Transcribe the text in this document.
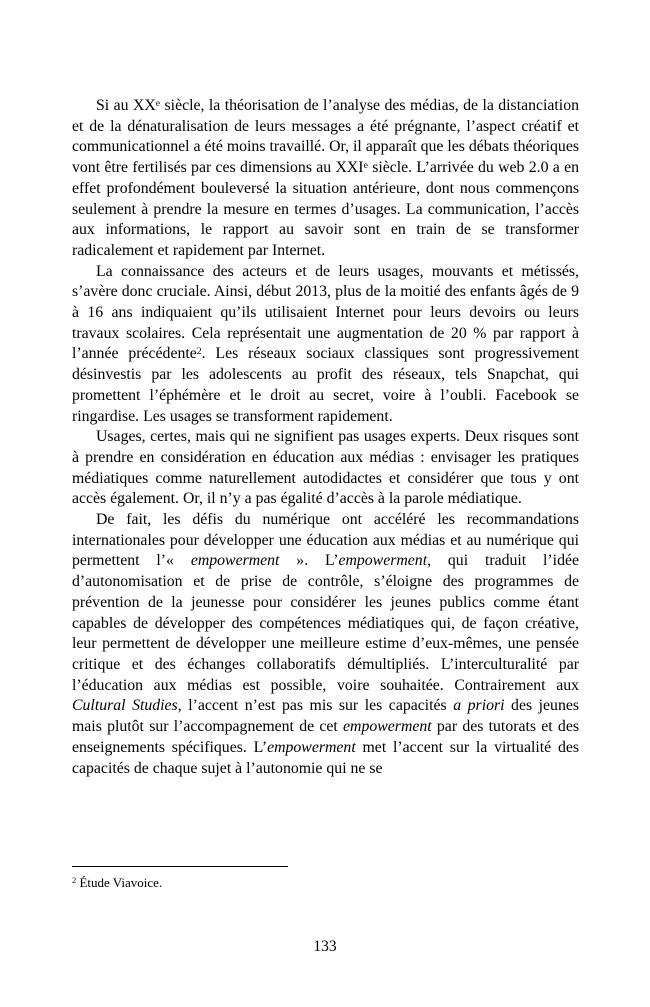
Si au XXe siècle, la théorisation de l’analyse des médias, de la distanciation et de la dénaturalisation de leurs messages a été prégnante, l’aspect créatif et communicationnel a été moins travaillé. Or, il apparaît que les débats théoriques vont être fertilisés par ces dimensions au XXIe siècle. L’arrivée du web 2.0 a en effet profondément bouleversé la situation antérieure, dont nous commençons seulement à prendre la mesure en termes d’usages. La communication, l’accès aux informations, le rapport au savoir sont en train de se transformer radicalement et rapidement par Internet.

La connaissance des acteurs et de leurs usages, mouvants et métissés, s’avère donc cruciale. Ainsi, début 2013, plus de la moitié des enfants âgés de 9 à 16 ans indiquaient qu’ils utilisaient Internet pour leurs devoirs ou leurs travaux scolaires. Cela représentait une augmentation de 20 % par rapport à l’année précédente$^2$. Les réseaux sociaux classiques sont progressivement désinvestis par les adolescents au profit des réseaux, tels Snapchat, qui promettent l’éphémère et le droit au secret, voire à l’oubli. Facebook se ringardise. Les usages se transforment rapidement.

Usages, certes, mais qui ne signifient pas usages experts. Deux risques sont à prendre en considération en éducation aux médias : envisager les pratiques médiatiques comme naturellement autodidactes et considérer que tous y ont accès également. Or, il n’y a pas égalité d’accès à la parole médiatique.

De fait, les défis du numérique ont accéléré les recommandations internationales pour développer une éducation aux médias et au numérique qui permettent l’« empowerment ». L’empowerment, qui traduit l’idée d’autonomisation et de prise de contrôle, s’éloigne des programmes de prévention de la jeunesse pour considérer les jeunes publics comme étant capables de développer des compétences médiatiques qui, de façon créative, leur permettent de développer une meilleure estime d’eux-mêmes, une pensée critique et des échanges collaboratifs démultipliés. L’interculturalité par l’éducation aux médias est possible, voire souhaitée. Contrairement aux Cultural Studies, l’accent n’est pas mis sur les capacités a priori des jeunes mais plutôt sur l’accompagnement de cet empowerment par des tutorats et des enseignements spécifiques. L’empowerment met l’accent sur la virtualité des capacités de chaque sujet à l’autonomie qui ne se

$^2$ Étude Viavoice.
133
